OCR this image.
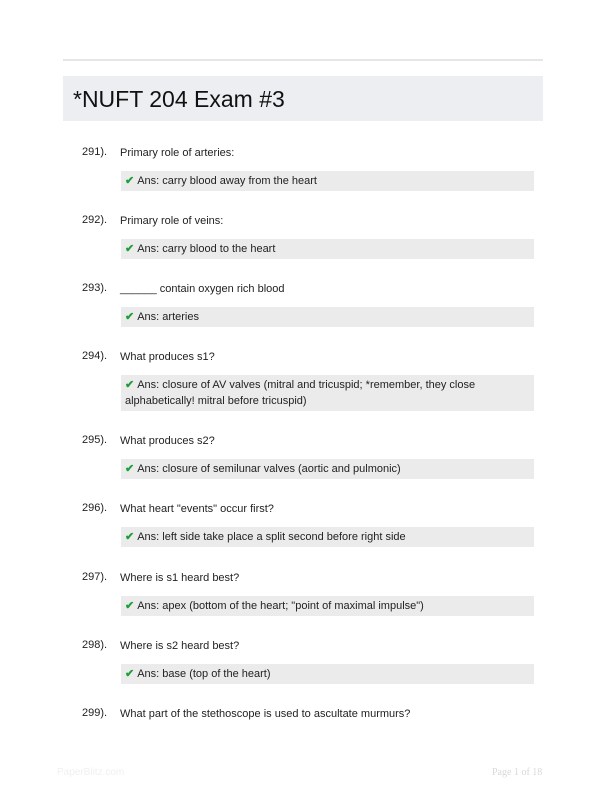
*NUFT 204 Exam #3
291). Primary role of arteries:
✔ Ans: carry blood away from the heart
292). Primary role of veins:
✔ Ans: carry blood to the heart
293). ______ contain oxygen rich blood
✔ Ans: arteries
294). What produces s1?
✔ Ans: closure of AV valves (mitral and tricuspid; *remember, they close alphabetically! mitral before tricuspid)
295). What produces s2?
✔ Ans: closure of semilunar valves (aortic and pulmonic)
296). What heart "events" occur first?
✔ Ans: left side take place a split second before right side
297). Where is s1 heard best?
✔ Ans: apex (bottom of the heart; "point of maximal impulse")
298). Where is s2 heard best?
✔ Ans: base (top of the heart)
299). What part of the stethoscope is used to ascultate murmurs?
PaperBlitz.com	Page 1 of 18
